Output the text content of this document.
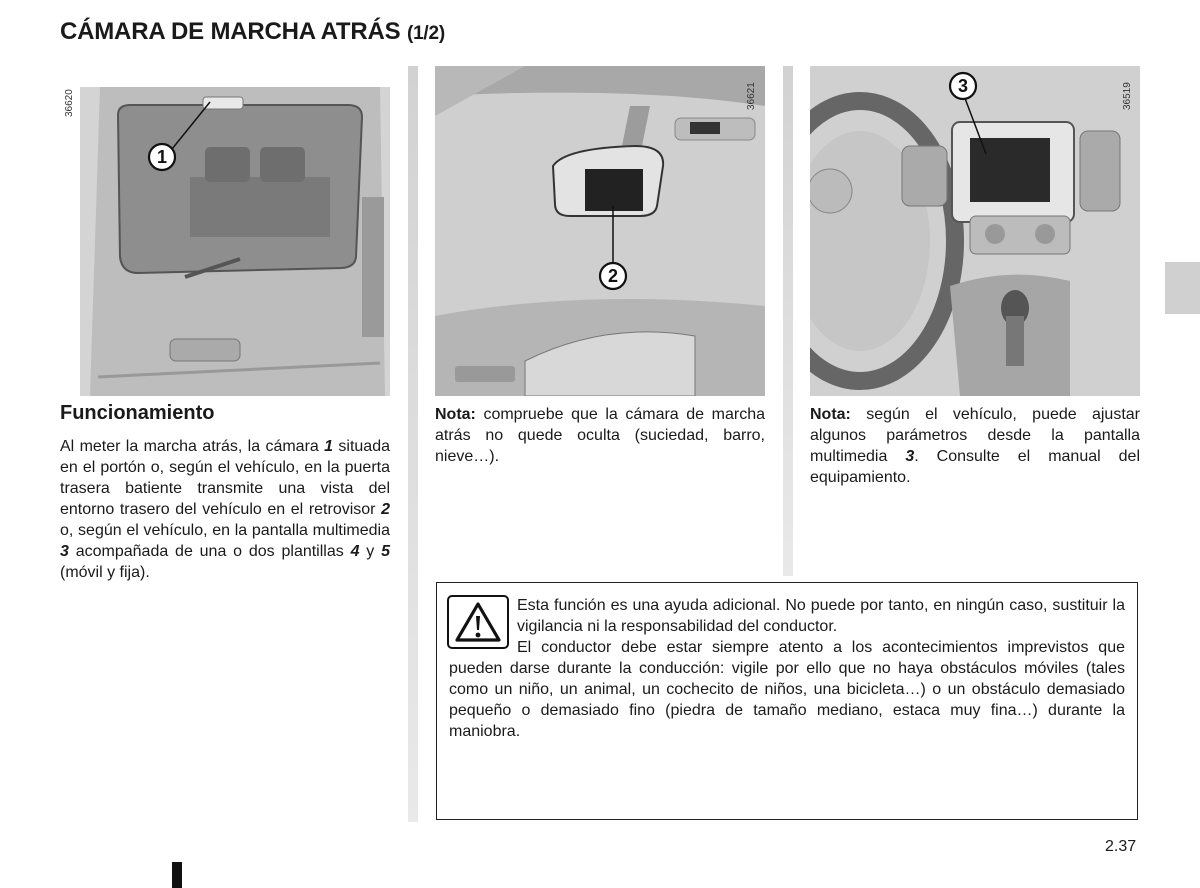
CÁMARA DE MARCHA ATRÁS (1/2)
1
36620
2
36621	3	36519
Funcionamiento
Al meter la marcha atrás, la cámara 1 situada en el portón o, según el vehículo, en la puerta trasera batiente transmite una vista del entorno trasero del vehículo en el retrovisor 2 o, según el vehículo, en la pantalla multimedia 3 acompañada de una o dos plantillas 4 y 5 (móvil y fija).
Nota: compruebe que la cámara de marcha atrás no quede oculta (suciedad, barro, nieve…).
Nota: según el vehículo, puede ajustar algunos parámetros desde la pantalla multimedia 3. Consulte el manual del equipamiento.

Esta función es una ayuda adicional. No puede por tanto, en ningún caso, sustituir la vigilancia ni la responsabilidad del conductor.

El conductor debe estar siempre atento a los acontecimientos imprevistos que pueden darse durante la conducción: vigile por ello que no haya obstáculos móviles (tales como un niño, un animal, un cochecito de niños, una bicicleta…) o un obstáculo demasiado pequeño o demasiado fino (piedra de tamaño mediano, estaca muy fina…) durante la maniobra.

2.37
